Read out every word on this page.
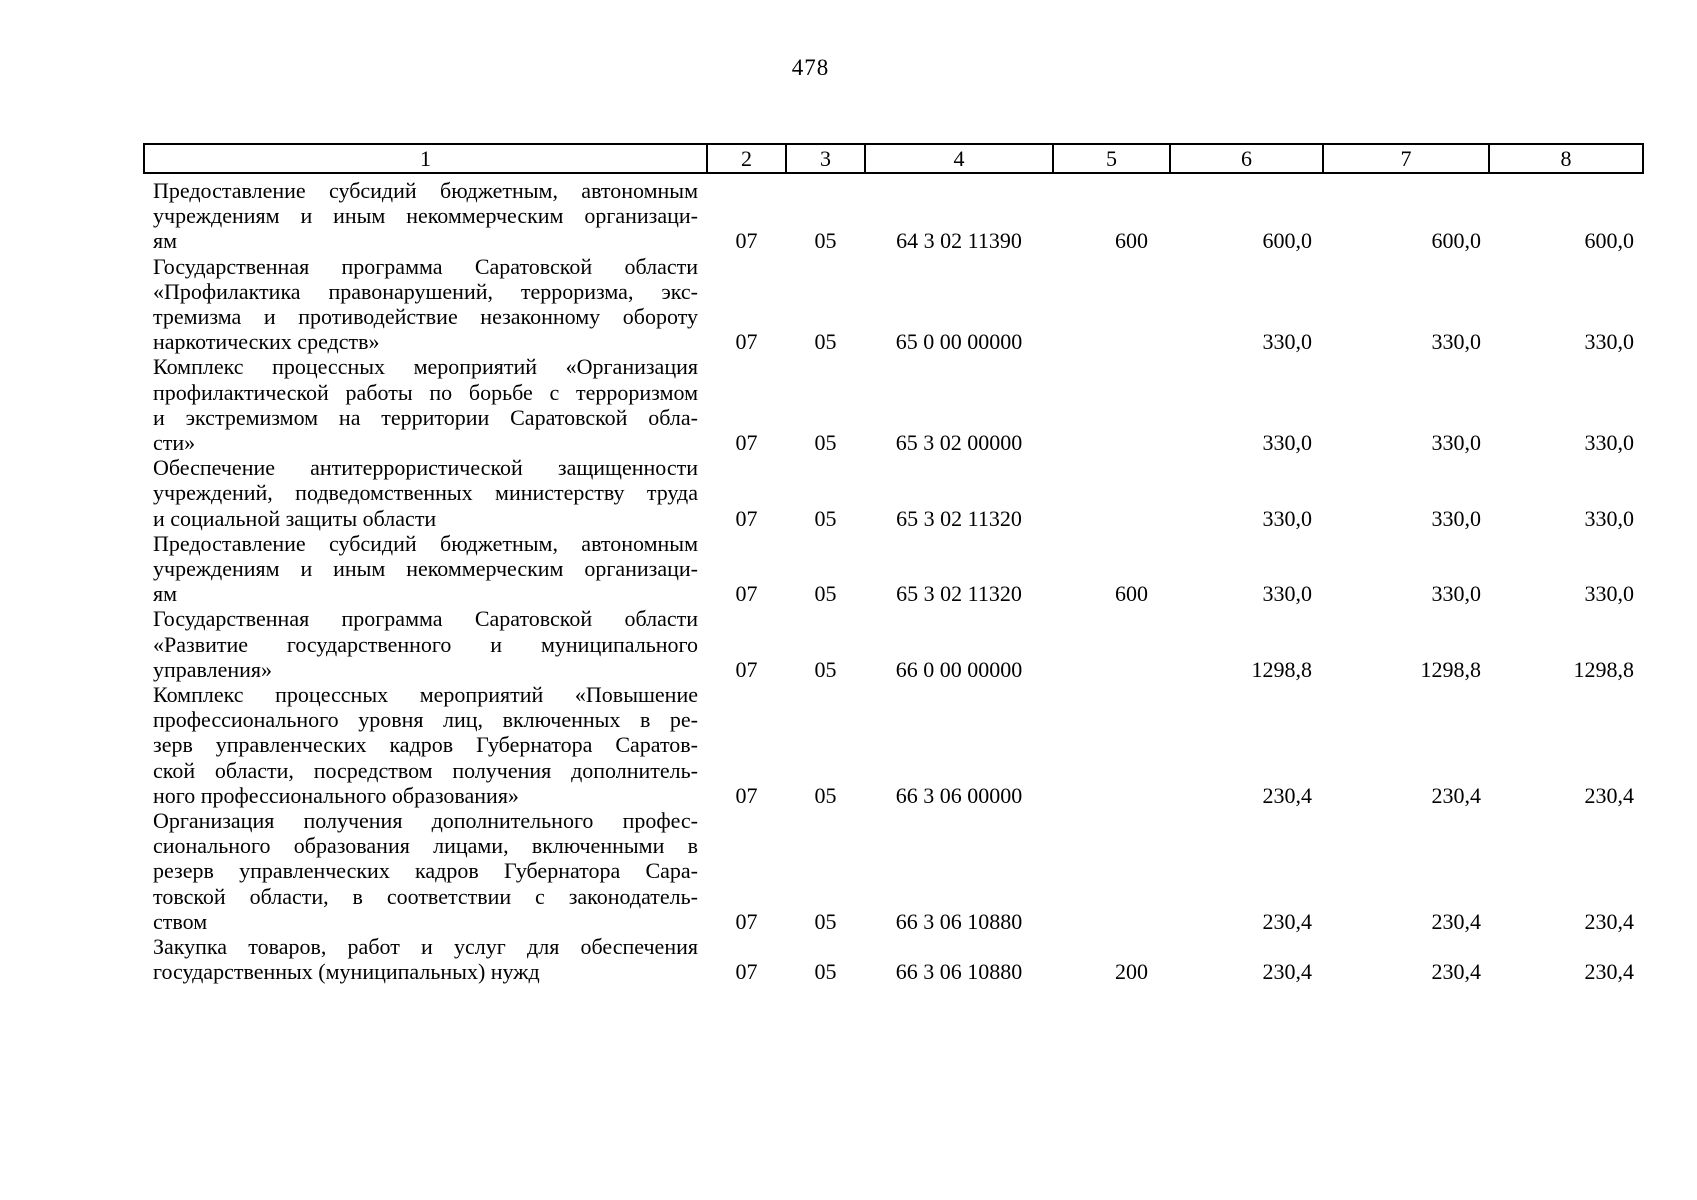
478
1	2	3	4	5	6	7	8

Предоставление субсидий бюджетным, автономным
учреждениям и иным некоммерческим организаци-
ям	07	05	64 3 02 11390	600	600,0	600,0	600,0

Государственная программа Саратовской области
«Профилактика правонарушений, терроризма, экс-
тремизма и противодействие незаконному обороту
наркотических средств»	07	05	65 0 00 00000		330,0	330,0	330,0

Комплекс процессных мероприятий «Организация
профилактической работы по борьбе с терроризмом
и экстремизмом на территории Саратовской обла-
сти»	07	05	65 3 02 00000		330,0	330,0	330,0

Обеспечение антитеррористической защищенности
учреждений, подведомственных министерству труда
и социальной защиты области	07	05	65 3 02 11320		330,0	330,0	330,0

Предоставление субсидий бюджетным, автономным
учреждениям и иным некоммерческим организаци-
ям	07	05	65 3 02 11320	600	330,0	330,0	330,0

Государственная программа Саратовской области
«Развитие государственного и муниципального
управления»	07	05	66 0 00 00000		1298,8	1298,8	1298,8

Комплекс процессных мероприятий «Повышение
профессионального уровня лиц, включенных в ре-
зерв управленческих кадров Губернатора Саратов-
ской области, посредством получения дополнитель-
ного профессионального образования»	07	05	66 3 06 00000		230,4	230,4	230,4

Организация получения дополнительного профес-
сионального образования лицами, включенными в
резерв управленческих кадров Губернатора Сара-
товской области, в соответствии с законодатель-
ством	07	05	66 3 06 10880		230,4	230,4	230,4

Закупка товаров, работ и услуг для обеспечения
государственных (муниципальных) нужд	07	05	66 3 06 10880	200	230,4	230,4	230,4
